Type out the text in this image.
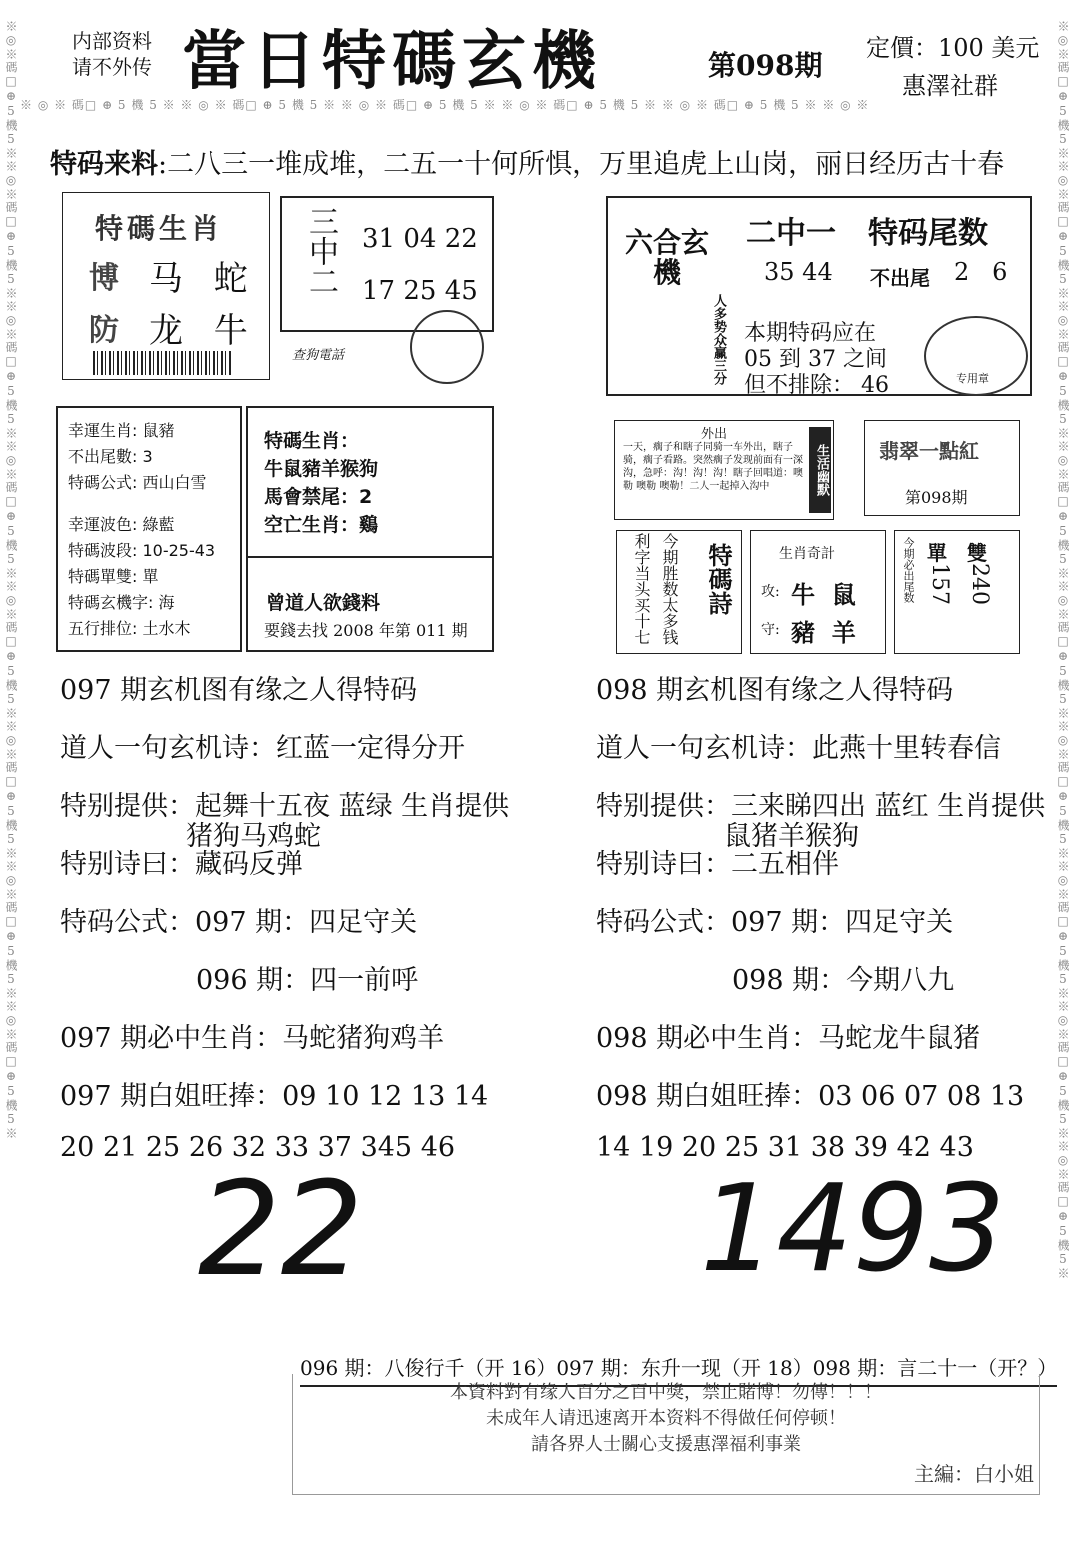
※ ◎ ※ 碼□ ⊕ 5 機 5 ※ ※ ◎ ※ 碼□ ⊕ 5 機 5 ※ ※ ◎ ※ 碼□ ⊕ 5 機 5 ※ ※ ◎ ※ 碼□ ⊕ 5 機 5 ※ ※ ◎ ※ 碼□ ⊕ 5 機 5 ※ ※ ◎ ※
※◎※碼□⊕5機5※※◎※碼□⊕5機5※※◎※碼□⊕5機5※※◎※碼□⊕5機5※※◎※碼□⊕5機5※※◎※碼□⊕5機5※※◎※碼□⊕5機5※※◎※碼□⊕5機5※	※◎※碼□⊕5機5※※◎※碼□⊕5機5※※◎※碼□⊕5機5※※◎※碼□⊕5機5※※◎※碼□⊕5機5※※◎※碼□⊕5機5※※◎※碼□⊕5機5※※◎※碼□⊕5機5※※◎※碼□⊕5機5※
内部资料
请不外传 當日特碼玄機	第098期
定價：100 美元
惠澤社群
特码来料:二八三一堆成堆，二五一十何所惧，万里追虎上山岗，丽日经历古十春
特碼生肖
博 马 蛇
防 龙 牛
三中二 31 04 22
17 25 45
查狗電話
六合玄機
人多势众赢三分
二中一
35 44
特码尾数
不出尾 2   6
本期特码应在
05 到 37 之间
但不排除： 46	专用章
幸運生肖: 鼠豬
不出尾數: 3
特碼公式: 西山白雪
幸運波色: 綠藍
特碼波段: 10-25-43
特碼單雙: 單
特碼玄機字: 海
五行排位: 土水木
特碼生肖：
牛鼠豬羊猴狗
馬會禁尾：2
空亡生肖：鷄
曾道人欲錢料
要錢去找 2008 年第 011 期
外出
一天，瘸子和瞎子同骑一车外出，瞎子骑，瘸子看路。突然瘸子发现前面有一深沟，急呼：沟！沟！沟！瞎子回唱道：噢勒 噢勒 噢勒！二人一起掉入沟中	生活幽默	翡翠一點紅
第098期
利字当头买十七 今期胜数太多钱 特碼詩	生肖奇計
攻: 牛  鼠
守: 豬  羊
今期必出尾数 單
157
雙
240
097 期玄机图有缘之人得特码
道人一句玄机诗：红蓝一定得分开
特别提供：起舞十五夜 蓝绿 生肖提供
猪狗马鸡蛇
特别诗曰：藏码反弹
特码公式：097 期：四足守关
096 期：四一前呼
097 期必中生肖：马蛇猪狗鸡羊
097 期白姐旺捧：09 10 12 13 14
20 21 25 26 32 33 37 345 46
22
098 期玄机图有缘之人得特码
道人一句玄机诗：此燕十里转春信
特别提供：三来睇四出 蓝红 生肖提供
鼠猪羊猴狗
特别诗曰：二五相伴
特码公式：097 期：四足守关
098 期：今期八九
098 期必中生肖：马蛇龙牛鼠猪
098 期白姐旺捧：03 06 07 08 13
14 19 20 25 31 38 39 42 43
1493
096 期：八俊行千（开 16）097 期：东升一现（开 18）098 期：言二十一（开？）
本資料對有缘人百分之百中獎，禁止賭博！勿傳！！！
未成年人请迅速离开本资料不得做任何停顿！
請各界人士關心支援惠澤福利事業
主編：白小姐
